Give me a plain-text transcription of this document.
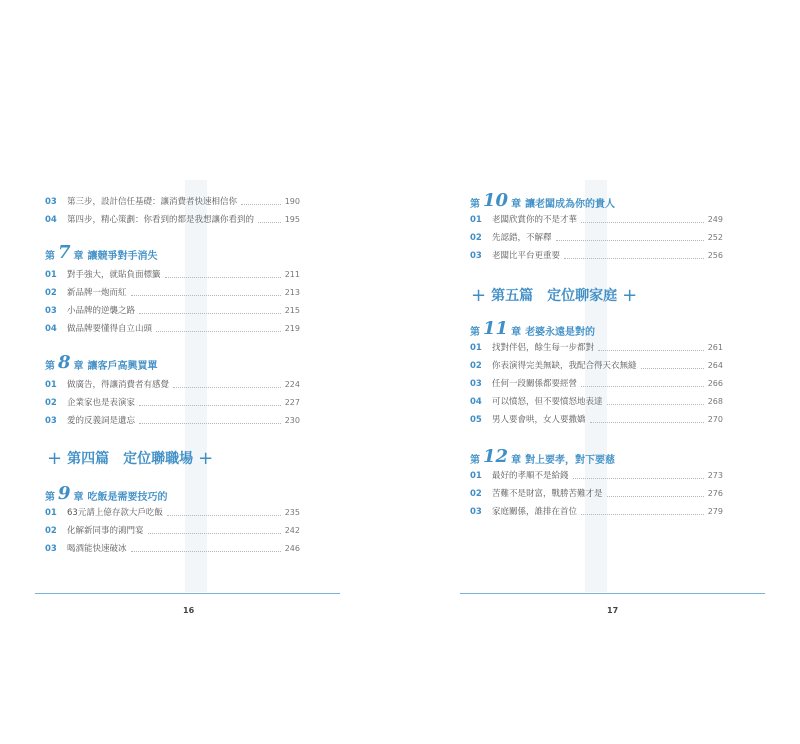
03	第三步，設計信任基礎：讓消費者快速相信你	190
04	第四步，精心策劃：你看到的都是我想讓你看到的	195
第 7 章 讓競爭對手消失
01	對手強大，就貼負面標籤	211
02	新品牌一炮而紅	213
03	小品牌的逆襲之路	215
04	做品牌要懂得自立山頭	219
第 8 章 讓客戶高興買單
01	做廣告，得讓消費者有感覺	224
02	企業家也是表演家	227
03	愛的反義詞是遺忘	230
+ 第四篇　定位聯職場 +
第 9 章 吃飯是需要技巧的
01	63元請上億存款大戶吃飯	235
02	化解新同事的鴻門宴	242
03	喝酒能快速破冰	246
16
第 10 章 讓老闆成為你的貴人
01	老闆欣賞你的不是才華	249
02	先認錯，不解釋	252
03	老闆比平台更重要	256
+ 第五篇　定位聊家庭 +
第 11 章 老婆永遠是對的
01	找對伴侶，餘生每一步都對	261
02	你表演得完美無缺，我配合得天衣無縫	264
03	任何一段關係都要經營	266
04	可以憤怒，但不要憤怒地表達	268
05	男人要會哄，女人要撒嬌	270
第 12 章 對上要孝，對下要慈
01	最好的孝順不是給錢	273
02	苦難不是財富，戰勝苦難才是	276
03	家庭關係，誰排在首位	279
17
